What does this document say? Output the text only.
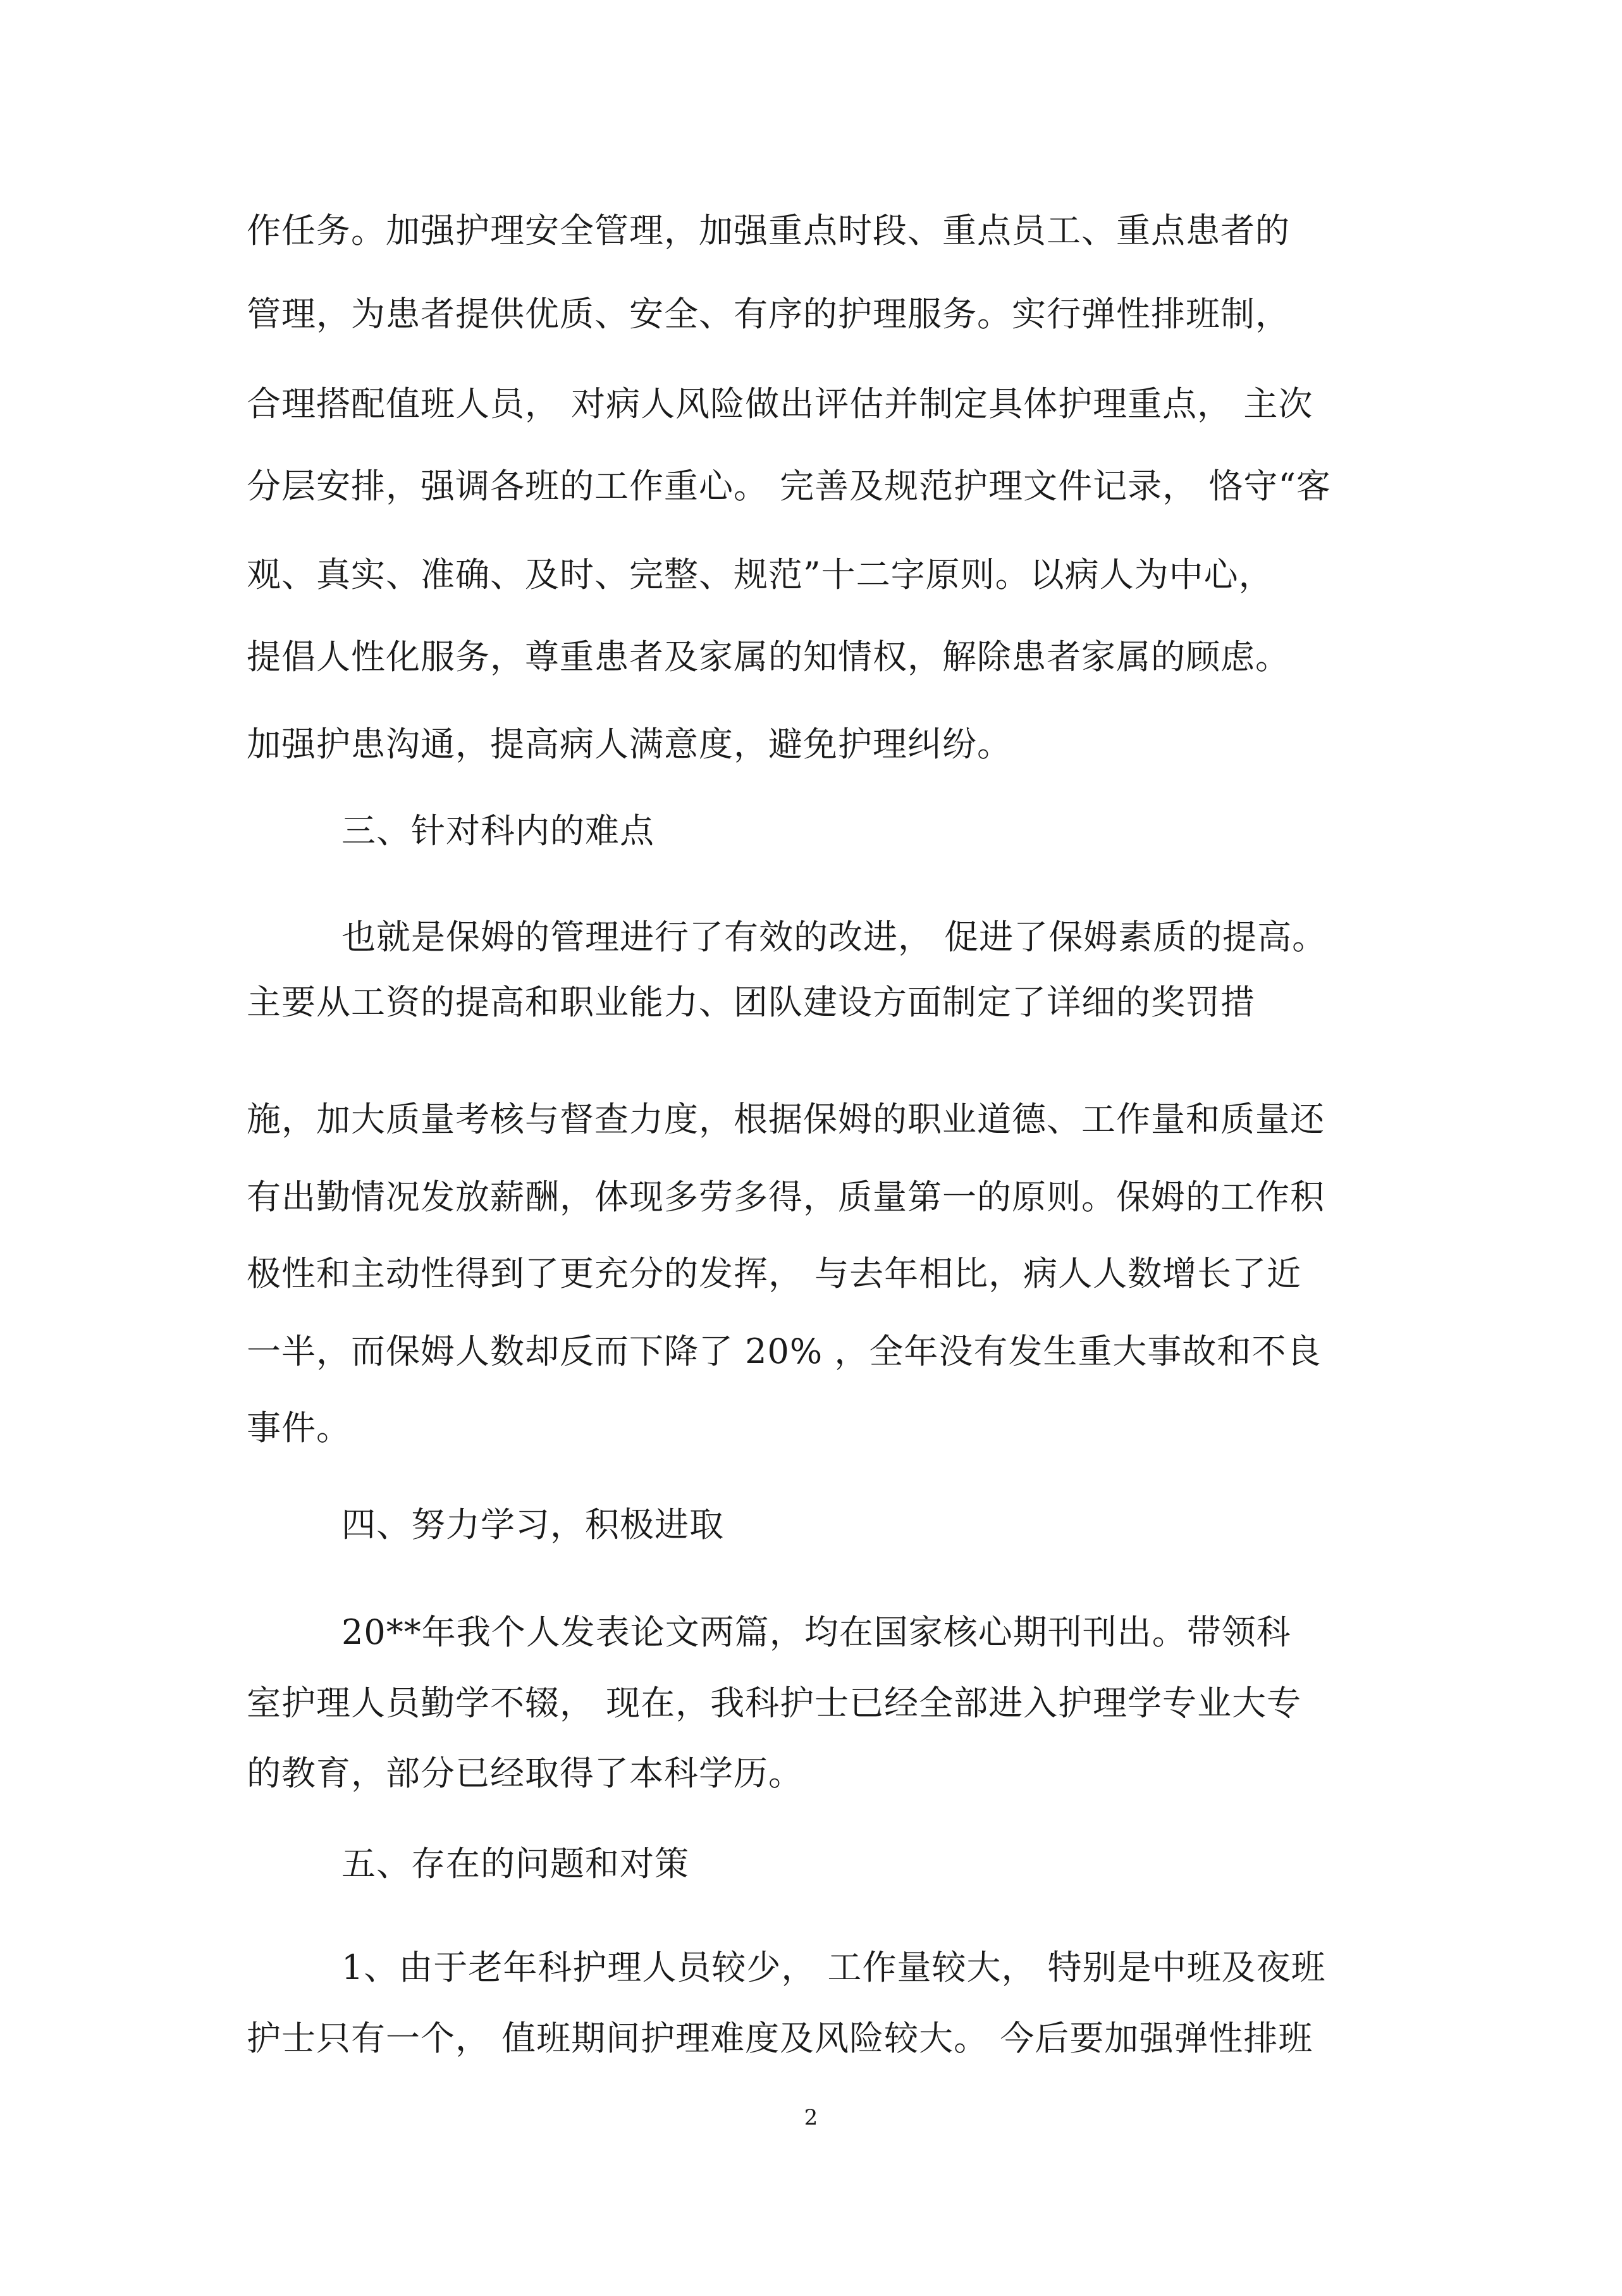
作任务。加强护理安全管理，加强重点时段、重点员工、重点患者的
管理，为患者提供优质、安全、有序的护理服务。实行弹性排班制，
合理搭配值班人员， 对病人风险做出评估并制定具体护理重点， 主次
分层安排，强调各班的工作重心。 完善及规范护理文件记录， 恪守“客
观、真实、准确、及时、完整、规范”十二字原则。以病人为中心，
提倡人性化服务，尊重患者及家属的知情权，解除患者家属的顾虑。
加强护患沟通，提高病人满意度，避免护理纠纷。
三、针对科内的难点
也就是保姆的管理进行了有效的改进， 促进了保姆素质的提高。
主要从工资的提高和职业能力、团队建设方面制定了详细的奖罚措
施，加大质量考核与督查力度，根据保姆的职业道德、工作量和质量还
有出勤情况发放薪酬，体现多劳多得，质量第一的原则。保姆的工作积
极性和主动性得到了更充分的发挥， 与去年相比，病人人数增长了近
一半，而保姆人数却反而下降了 20% ，全年没有发生重大事故和不良
事件。
四、努力学习，积极进取
20**年我个人发表论文两篇，均在国家核心期刊刊出。带领科
室护理人员勤学不辍， 现在，我科护士已经全部进入护理学专业大专
的教育，部分已经取得了本科学历。
五、存在的问题和对策
1、由于老年科护理人员较少， 工作量较大， 特别是中班及夜班
护士只有一个， 值班期间护理难度及风险较大。 今后要加强弹性排班
2
